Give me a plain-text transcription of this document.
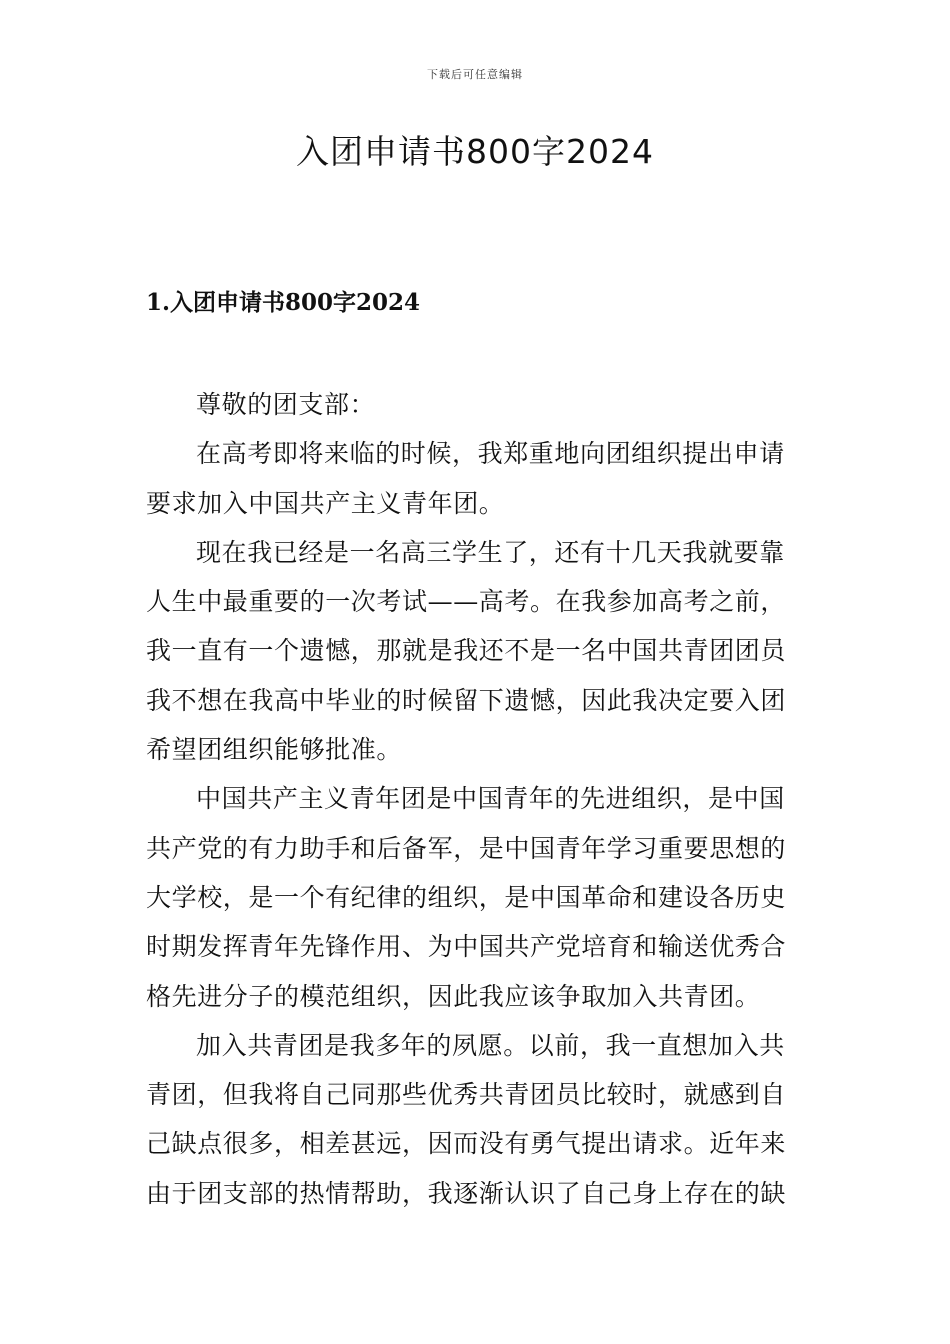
下载后可任意编辑
入团申请书800字2024
1.入团申请书800字2024

尊敬的团支部：

在高考即将来临的时候，我郑重地向团组织提出申请
要求加入中国共产主义青年团。

现在我已经是一名高三学生了，还有十几天我就要靠
人生中最重要的一次考试——高考。在我参加高考之前，
我一直有一个遗憾，那就是我还不是一名中国共青团团员
我不想在我高中毕业的时候留下遗憾，因此我决定要入团
希望团组织能够批准。

中国共产主义青年团是中国青年的先进组织，是中国
共产党的有力助手和后备军，是中国青年学习重要思想的
大学校，是一个有纪律的组织，是中国革命和建设各历史
时期发挥青年先锋作用、为中国共产党培育和输送优秀合
格先进分子的模范组织，因此我应该争取加入共青团。

加入共青团是我多年的夙愿。以前，我一直想加入共
青团，但我将自己同那些优秀共青团员比较时，就感到自
己缺点很多，相差甚远，因而没有勇气提出请求。近年来
由于团支部的热情帮助，我逐渐认识了自己身上存在的缺
